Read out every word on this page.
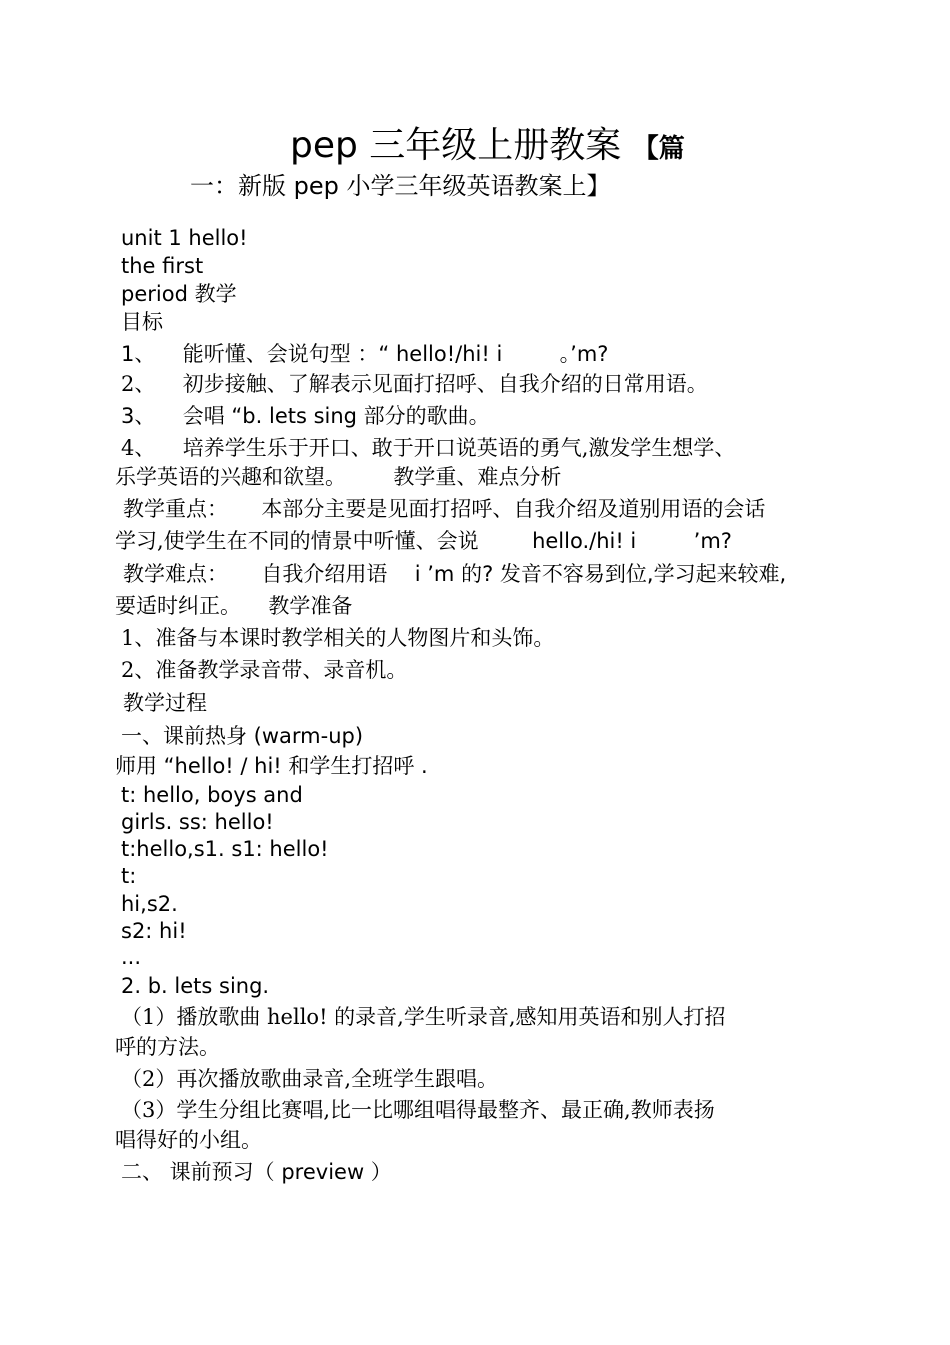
pep 三年级上册教案 【篇
一：新版 pep 小学三年级英语教案上】
unit 1 hello!
the first
period 教学
目标
1、 能听懂、会说句型 ：“ hello!/hi! i	。’m?
2、 初步接触、了解表示见面打招呼、自我介绍的日常用语。
3、 会唱 “b. lets sing 部分的歌曲。
4、 培养学生乐于开口、敢于开口说英语的勇气,激发学生想学、
乐学英语的兴趣和欲望。 教学重、难点分析
教学重点： 本部分主要是见面打招呼、自我介绍及道别用语的会话
学习,使学生在不同的情景中听懂、会说	hello./hi! i	’m?
教学难点： 自我介绍用语 i ’m 的? 发音不容易到位,学习起来较难,
要适时纠正。 教学准备
1、准备与本课时教学相关的人物图片和头饰。
2、准备教学录音带、录音机。
教学过程
一、课前热身 (warm-up)
师用 “hello! / hi! 和学生打招呼 .
t: hello, boys and
girls. ss: hello!
t:hello,s1. s1: hello!
t:
hi,s2.
s2: hi!
...
2. b. lets sing.
（1）播放歌曲 hello! 的录音,学生听录音,感知用英语和别人打招
呼的方法。
（2）再次播放歌曲录音,全班学生跟唱。
（3）学生分组比赛唱,比一比哪组唱得最整齐、最正确,教师表扬
唱得好的小组。
二、 课前预习（ preview ）
